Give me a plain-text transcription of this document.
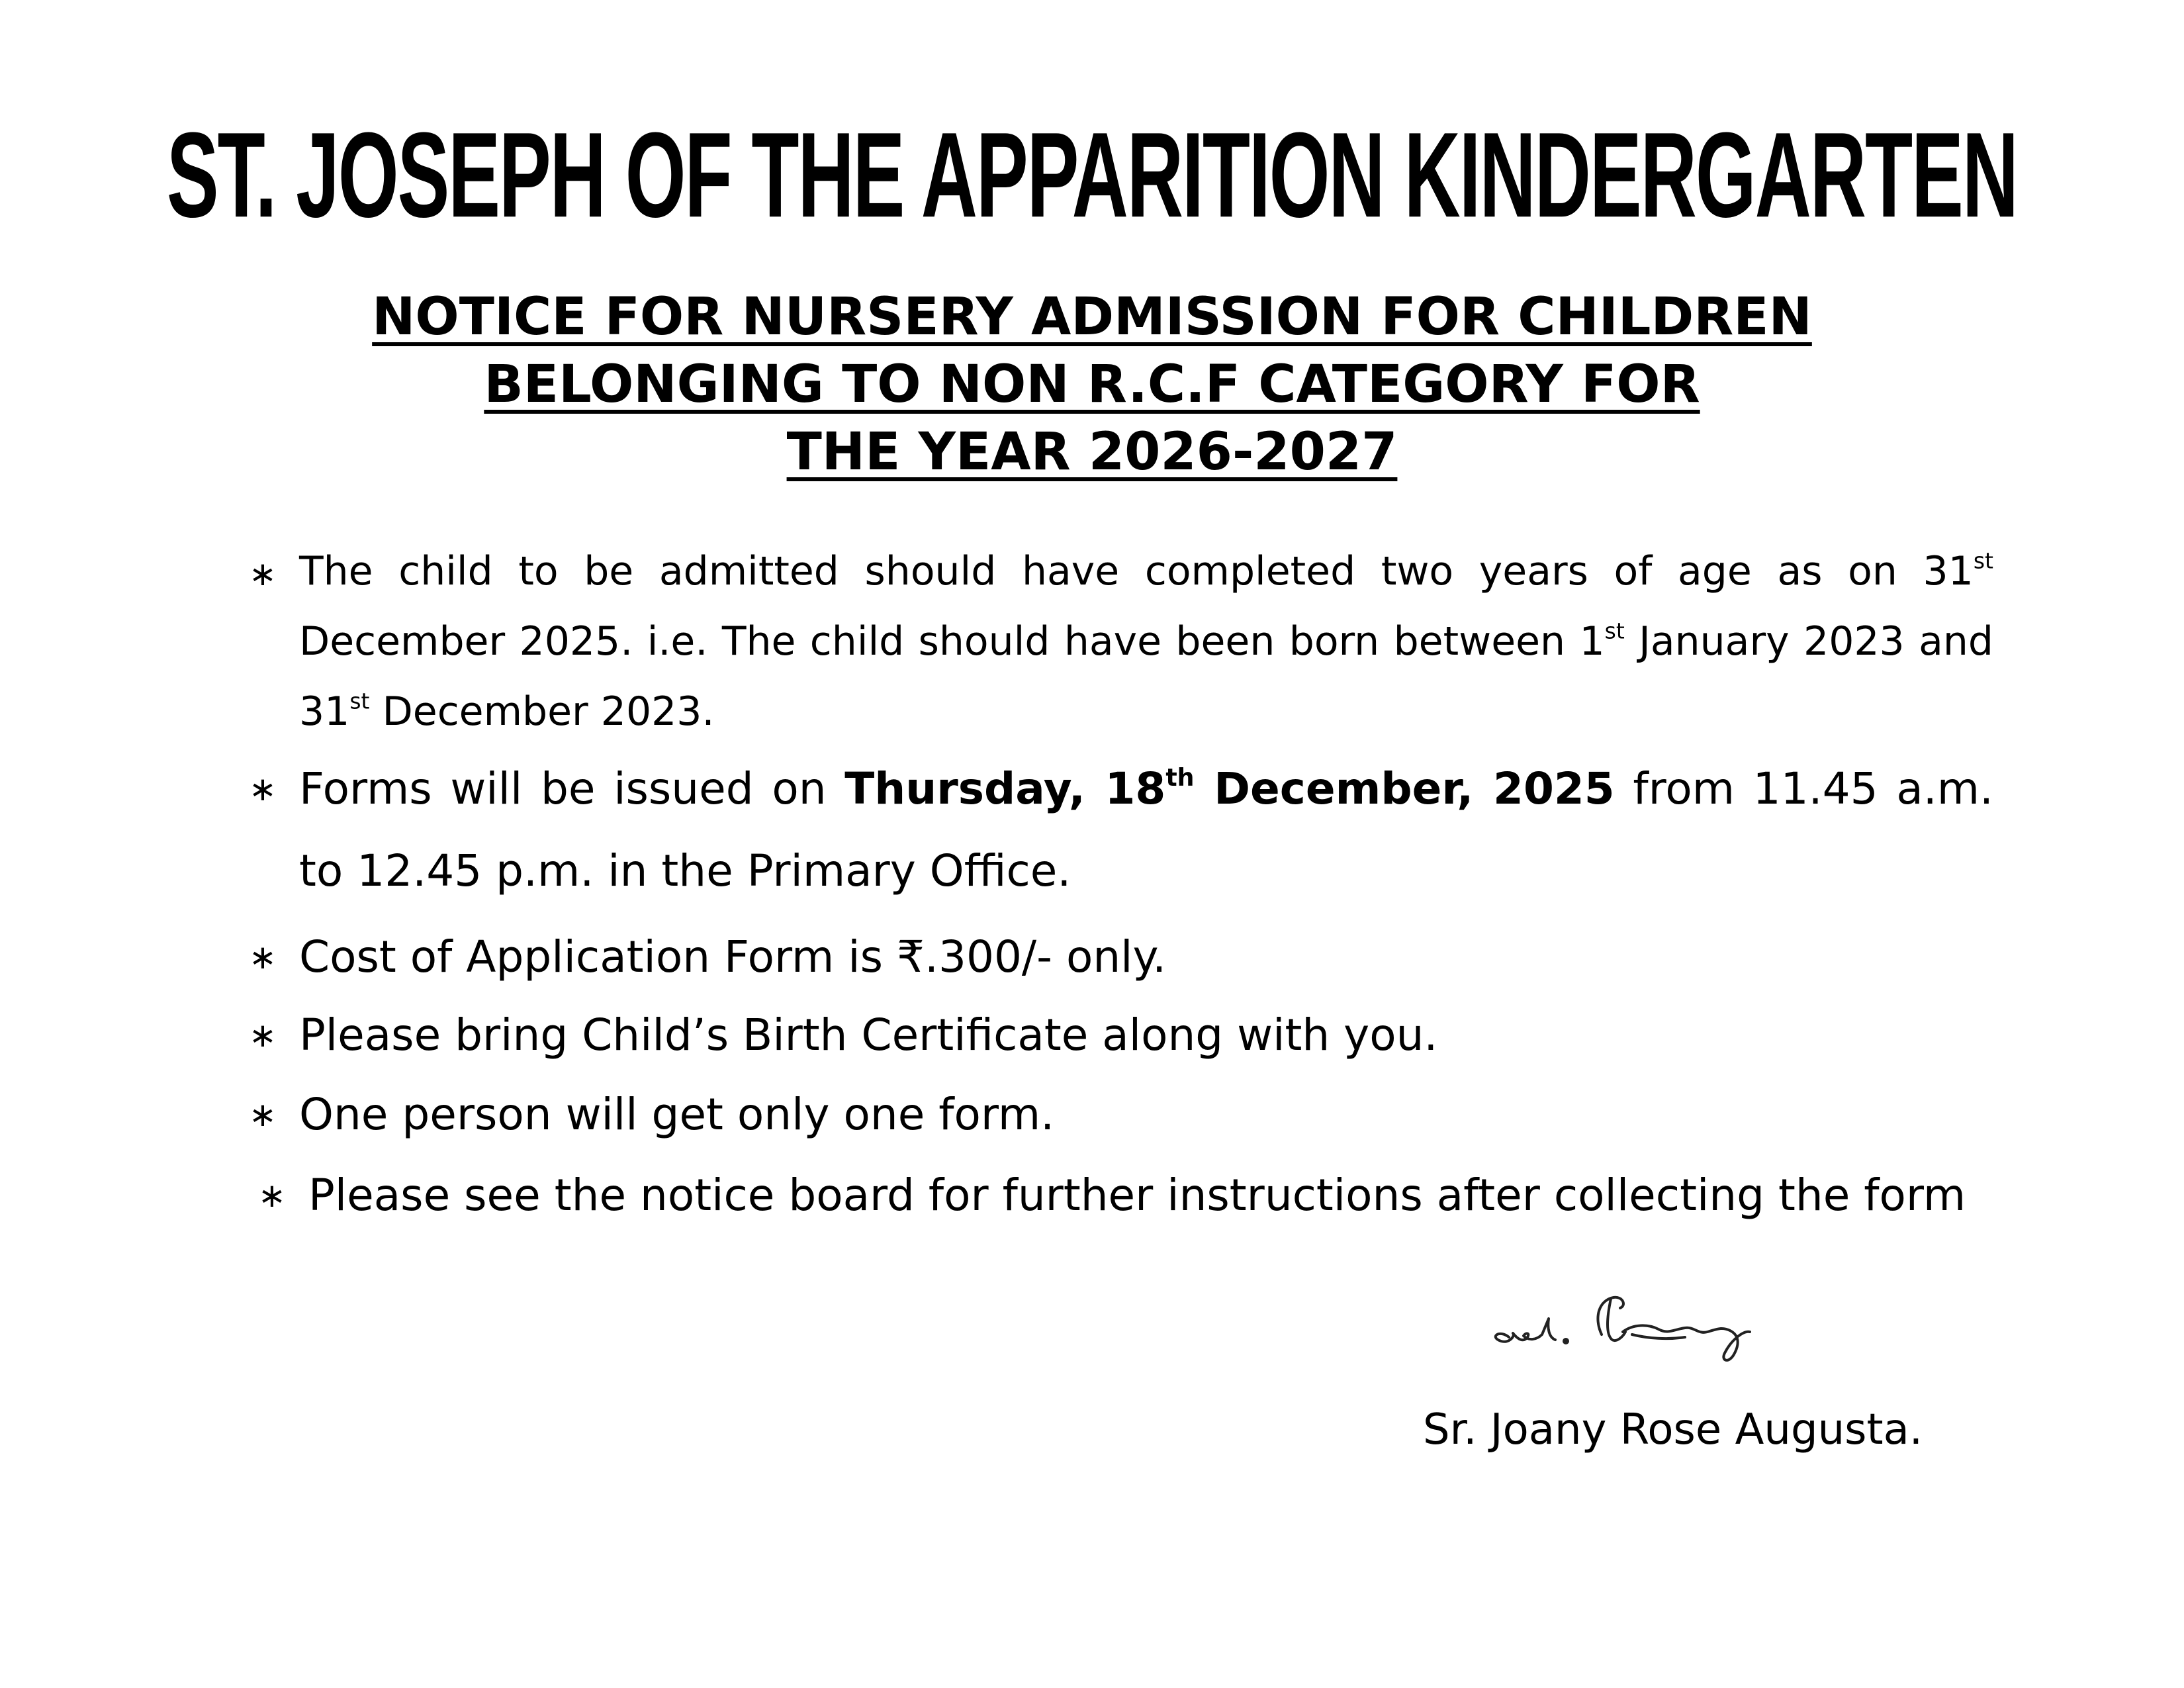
ST. JOSEPH OF THE APPARITION KINDERGARTEN
NOTICE FOR NURSERY ADMISSION FOR CHILDREN
BELONGING TO NON R.C.F CATEGORY FOR
THE YEAR 2026-2027
∗ The child to be admitted should have completed two years of age as on 31st December 2025. i.e. The child should have been born between 1st January 2023 and 31st December 2023.
∗ Forms will be issued on Thursday, 18th December, 2025 from 11.45 a.m. to 12.45 p.m. in the Primary Office.
∗ Cost of Application Form is ₹.300/- only.
∗ Please bring Child’s Birth Certificate along with you.
∗ One person will get only one form.
∗ Please see the notice board for further instructions after collecting the form
Sr. Joany Rose Augusta.
